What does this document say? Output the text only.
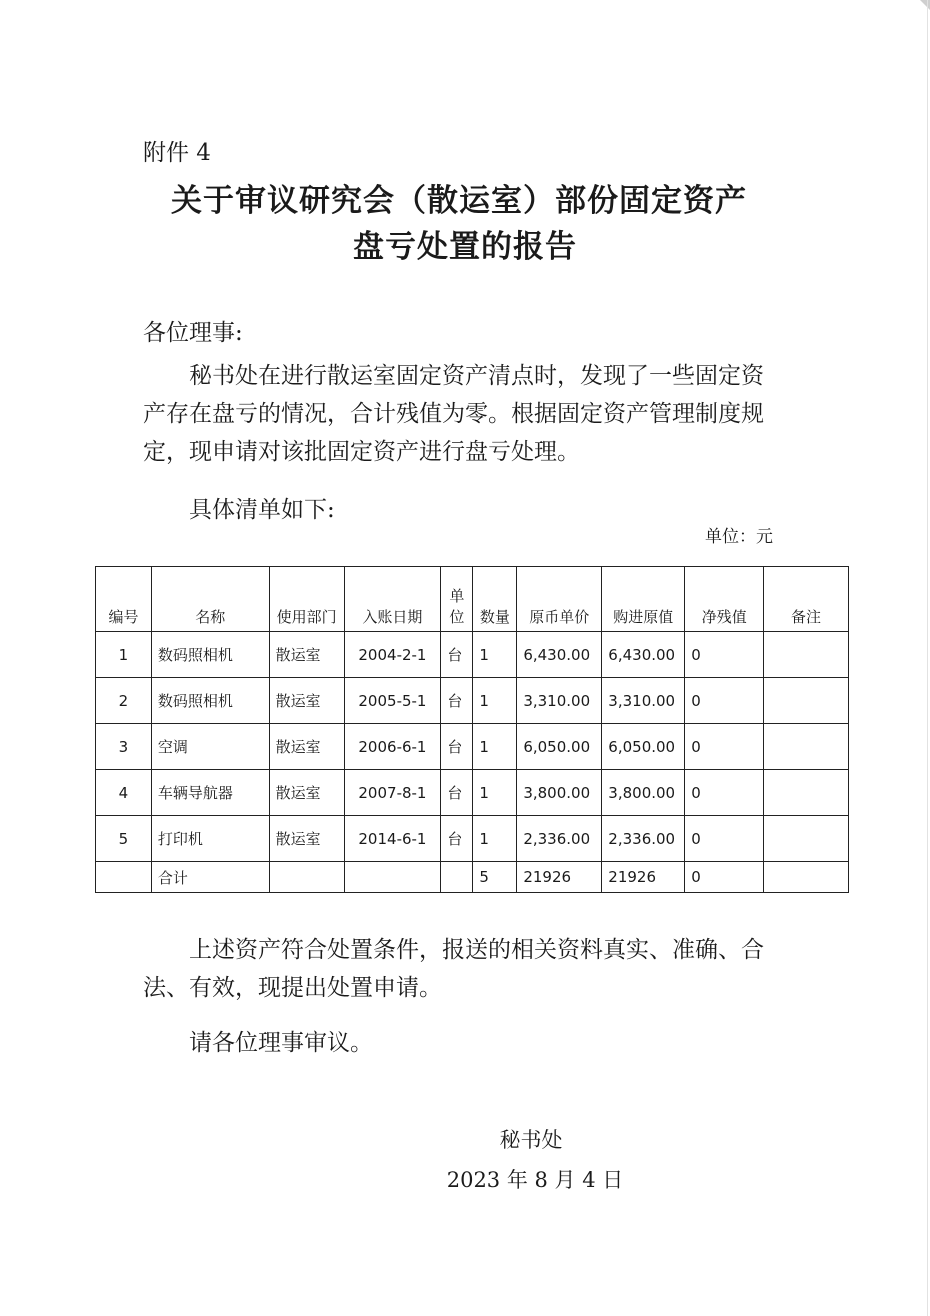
附件 4
关于审议研究会（散运室）部份固定资产
盘亏处置的报告
各位理事:
秘书处在进行散运室固定资产清点时，发现了一些固定资产存在盘亏的情况，合计残值为零。根据固定资产管理制度规定，现申请对该批固定资产进行盘亏处理。
具体清单如下:
单位：元
编号	名称	使用部门	入账日期	单位	数量	原币单价	购进原值	净残值	备注
1	数码照相机	散运室	2004-2-1	台	1	6,430.00	6,430.00	0	
2	数码照相机	散运室	2005-5-1	台	1	3,310.00	3,310.00	0	
3	空调	散运室	2006-6-1	台	1	6,050.00	6,050.00	0	
4	车辆导航器	散运室	2007-8-1	台	1	3,800.00	3,800.00	0	
5	打印机	散运室	2014-6-1	台	1	2,336.00	2,336.00	0	
	合计				5	21926	21926	0	
上述资产符合处置条件，报送的相关资料真实、准确、合法、有效，现提出处置申请。
请各位理事审议。
秘书处
2023 年 8 月 4 日
